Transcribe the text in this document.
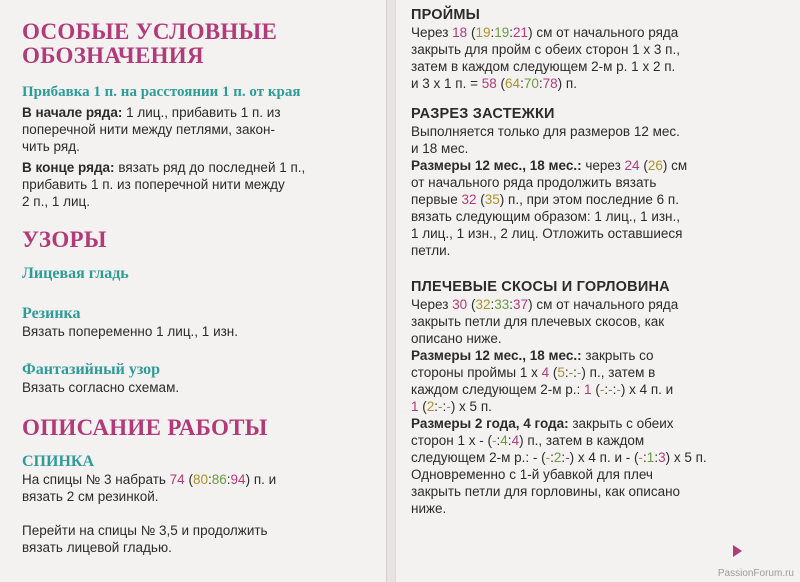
ОСОБЫЕ УСЛОВНЫЕ
ОБОЗНАЧЕНИЯ
Прибавка 1 п. на расстоянии 1 п. от края
В начале ряда: 1 лиц., прибавить 1 п. из
поперечной нити между петлями, закон-
чить ряд.
В конце ряда: вязать ряд до последней 1 п.,
прибавить 1 п. из поперечной нити между
2 п., 1 лиц.
УЗОРЫ
Лицевая гладь
Резинка
Вязать попеременно 1 лиц., 1 изн.
Фантазийный узор
Вязать согласно схемам.
ОПИСАНИЕ РАБОТЫ
СПИНКА
На спицы № 3 набрать 74 (80:86:94) п. и
вязать 2 см резинкой.
Перейти на спицы № 3,5 и продолжить
вязать лицевой гладью.
ПРОЙМЫ
Через 18 (19:19:21) см от начального ряда
закрыть для пройм с обеих сторон 1 х 3 п.,
затем в каждом следующем 2-м р. 1 х 2 п.
и 3 х 1 п. = 58 (64:70:78) п.
РАЗРЕЗ ЗАСТЕЖКИ
Выполняется только для размеров 12 мес.
и 18 мес.
Размеры 12 мес., 18 мес.: через 24 (26) см
от начального ряда продолжить вязать
первые 32 (35) п., при этом последние 6 п.
вязать следующим образом: 1 лиц., 1 изн.,
1 лиц., 1 изн., 2 лиц. Отложить оставшиеся
петли.
ПЛЕЧЕВЫЕ СКОСЫ И ГОРЛОВИНА
Через 30 (32:33:37) см от начального ряда
закрыть петли для плечевых скосов, как
описано ниже.
Размеры 12 мес., 18 мес.: закрыть со
стороны проймы 1 х 4 (5:-:-) п., затем в
каждом следующем 2-м р.: 1 (-:-:-) х 4 п. и
1 (2:-:-) х 5 п.
Размеры 2 года, 4 года: закрыть с обеих
сторон 1 х - (-:4:4) п., затем в каждом
следующем 2-м р.: - (-:2:-) х 4 п. и - (-:1:3) х 5 п.
Одновременно с 1-й убавкой для плеч
закрыть петли для горловины, как описано
ниже.
PassionForum.ru
